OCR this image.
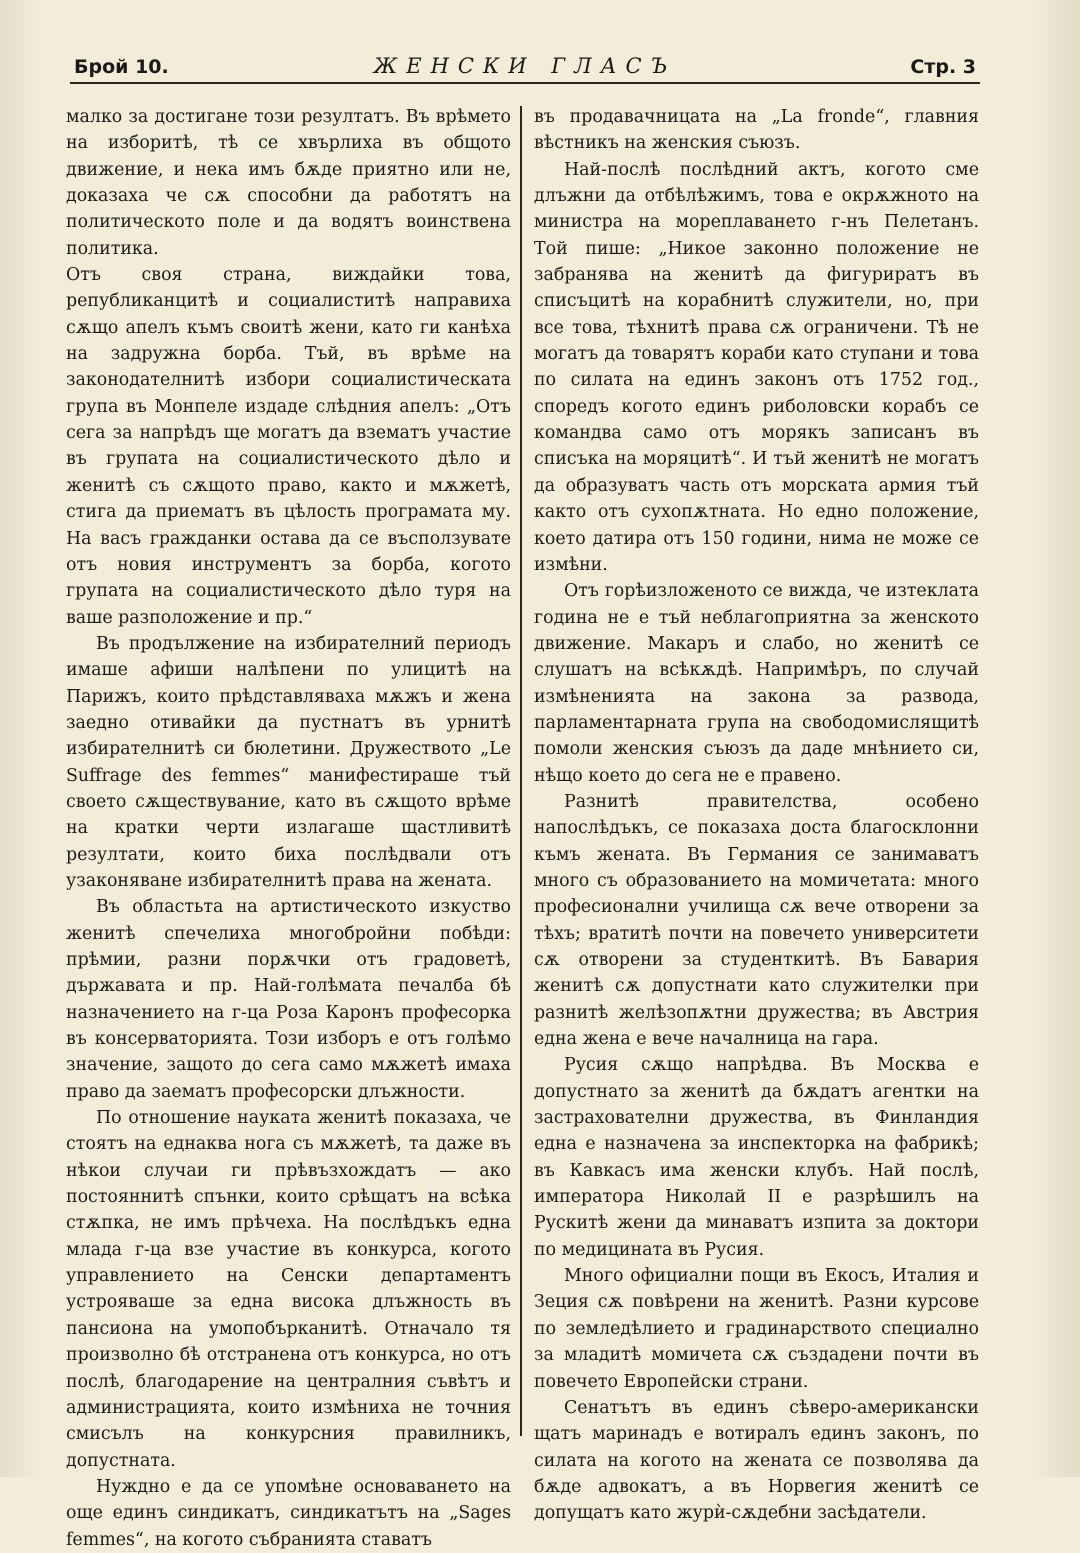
Брой 10.	ЖЕНСКИ ГЛАСЪ	Стр. 3

малко за достигане този резултатъ. Въ врѣмето на изборитѣ, тѣ се хвърлиха въ общото движение, и нека имъ бѫде приятно или не, доказаха че сѫ способни да работятъ на политическото поле и да водятъ воинствена политика.

Отъ своя страна, виждайки това, републиканцитѣ и социалиститѣ направиха сѫщо апелъ къмъ своитѣ жени, като ги канѣха на задружна борба. Тъй, въ врѣме на законодателнитѣ избори социалистическата група въ Монпеле издаде слѣдния апелъ: „Отъ сега за напрѣдъ ще могатъ да взематъ участие въ групата на социалистическото дѣло и женитѣ съ сѫщото право, както и мѫжетѣ, стига да приематъ въ цѣлость програмата му. На васъ гражданки остава да се въсползувате отъ новия инструментъ за борба, когото групата на социалистическото дѣло туря на ваше разположение и пр.“

Въ продължение на избирателний периодъ имаше афиши налѣпени по улицитѣ на Парижъ, които прѣдставляваха мѫжъ и жена заедно отивайки да пустнатъ въ урнитѣ избирателнитѣ си бюлетини. Дружеството „Le Suffrage des femmes“ манифестираше тъй своето сѫществувание, като въ сѫщото врѣме на кратки черти излагаше щастливитѣ резултати, които биха послѣдвали отъ узаконяване избирателнитѣ права на жената.

Въ областьта на артистическото изкуство женитѣ спечелиха многобройни побѣди: прѣмии, разни порѫчки отъ градоветѣ, държавата и пр. Най-голѣмата печалба бѣ назначението на г-ца Роза Каронъ професорка въ консерваторията. Този изборъ е отъ голѣмо значение, защото до сега само мѫжетѣ имаха право да заематъ професорски длъжности.

По отношение науката женитѣ показаха, че стоятъ на еднаква нога съ мѫжетѣ, та даже въ нѣкои случаи ги прѣвъзхождатъ — ако постояннитѣ спънки, които срѣщатъ на всѣка стѫпка, не имъ прѣчеха. На послѣдъкъ една млада г-ца взе участие въ конкурса, когото управлението на Сенски департаментъ устрояваше за една висока длъжность въ пансиона на умопобърканитѣ. Отначало тя произволно бѣ отстранена отъ конкурса, но отъ послѣ, благодарение на централния съвѣтъ и администрацията, които измѣниха не точния смисълъ на конкурсния правилникъ, допустната.

Нуждно е да се упомѣне основаването на още единъ синдикатъ, синдикатътъ на „Sages femmes“, на когото събранията ставатъ

въ продавачницата на „La fronde“, главния вѣстникъ на женския съюзъ.

Най-послѣ послѣдний актъ, когото сме длъжни да отбѣлѣжимъ, това е окрѫжното на министра на мореплаването г-нъ Пелетанъ. Той пише: „Никое законно положение не забранява на женитѣ да фигуриратъ въ списъцитѣ на корабнитѣ служители, но, при все това, тѣхнитѣ права сѫ ограничени. Тѣ не могатъ да товарятъ кораби като ступани и това по силата на единъ законъ отъ 1752 год., споредъ когото единъ риболовски корабъ се командва само отъ морякъ записанъ въ списъка на моряцитѣ“. И тъй женитѣ не могатъ да образуватъ часть отъ морската армия тъй както отъ сухопѫтната. Но едно положение, което датира отъ 150 години, нима не може се измѣни.

Отъ горѣизложеното се вижда, че изтеклата година не е тъй неблагоприятна за женското движение. Макаръ и слабо, но женитѣ се слушатъ на всѣкѫдѣ. Напримѣръ, по случай измѣненията на закона за развода, парламентарната група на свободомислящитѣ помоли женския съюзъ да даде мнѣнието си, нѣщо което до сега не е правено.

Разнитѣ правителства, особено напослѣдъкъ, се показаха доста благосклонни къмъ жената. Въ Германия се занимаватъ много съ образованието на момичетата: много професионални училища сѫ вече отворени за тѣхъ; вратитѣ почти на повечето университети сѫ отворени за студенткитѣ. Въ Бавария женитѣ сѫ допустнати като служителки при разнитѣ желѣзопѫтни дружества; въ Австрия една жена е вече началница на гара.

Русия сѫщо напрѣдва. Въ Москва е допустнато за женитѣ да бѫдатъ агентки на застрахователни дружества, въ Финландия една е назначена за инспекторка на фабрикѣ; въ Кавкасъ има женски клубъ. Най послѣ, императора Николай II е разрѣшилъ на Рускитѣ жени да минаватъ изпита за доктори по медицината въ Русия.

Много официални пощи въ Екосъ, Италия и Зеция сѫ повѣрени на женитѣ. Разни курсове по земледѣлието и градинарството специално за младитѣ момичета сѫ създадени почти въ повечето Европейски страни.

Сенатътъ въ единъ сѣверо-американски щатъ маринадъ е вотиралъ единъ законъ, по силата на когото на жената се позволява да бѫде адвокатъ, а въ Норвегия женитѣ се допущатъ като журѝ-сѫдебни засѣдатели.
